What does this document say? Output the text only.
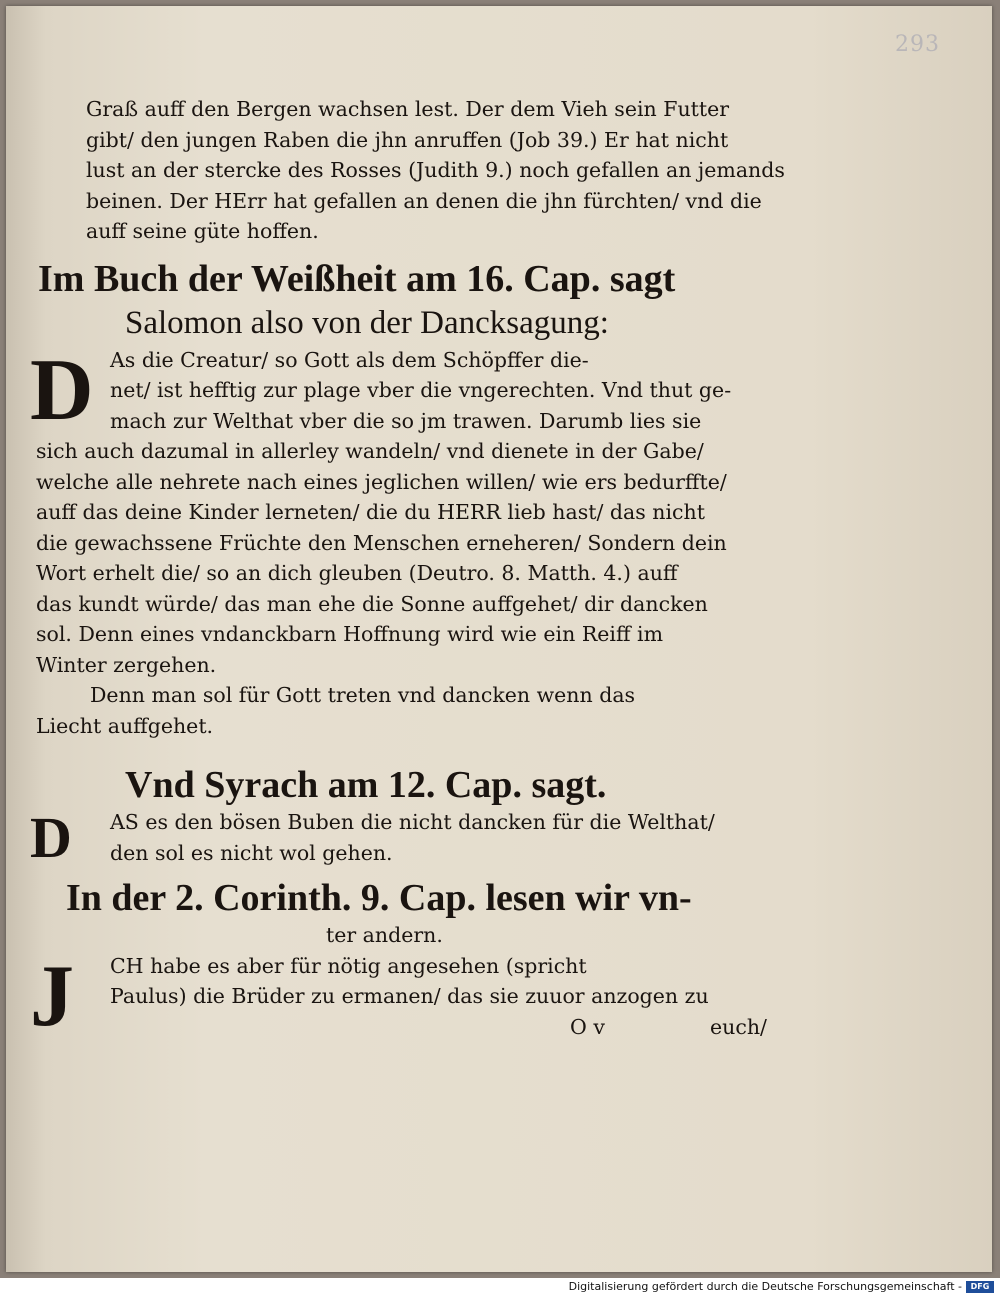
293
Graß auff den Bergen wachsen lest. Der dem Vieh sein Futter
gibt/ den jungen Raben die jhn anruffen (Job 39.) Er hat nicht
lust an der stercke des Rosses (Judith 9.) noch gefallen an jemands
beinen. Der HErr hat gefallen an denen die jhn fürchten/ vnd die
auff seine güte hoffen.
Im Buch der Weißheit am 16. Cap. sagt
Salomon also von der Dancksagung:
D As die Creatur/ so Gott als dem Schöpffer die-
net/ ist hefftig zur plage vber die vngerechten. Vnd thut ge-
mach zur Welthat vber die so jm trawen. Darumb lies sie
sich auch dazumal in allerley wandeln/ vnd dienete in der Gabe/
welche alle nehrete nach eines jeglichen willen/ wie ers bedurffte/
auff das deine Kinder lerneten/ die du HERR lieb hast/ das nicht
die gewachssene Früchte den Menschen erneheren/ Sondern dein
Wort erhelt die/ so an dich gleuben (Deutro. 8. Matth. 4.) auff
das kundt würde/ das man ehe die Sonne auffgehet/ dir dancken
sol. Denn eines vndanckbarn Hoffnung wird wie ein Reiff im
Winter zergehen.
Denn man sol für Gott treten vnd dancken wenn das
Liecht auffgehet.
Vnd Syrach am 12. Cap. sagt.
D	AS es den bösen Buben die nicht dancken für die Welthat/
den sol es nicht wol gehen.
In der 2. Corinth. 9. Cap. lesen wir vn-
ter andern.
J	CH habe es aber für nötig angesehen (spricht
Paulus) die Brüder zu ermanen/ das sie zuuor anzogen zu
O v	euch/
Digitalisierung gefördert durch die Deutsche Forschungsgemeinschaft -	DFG
